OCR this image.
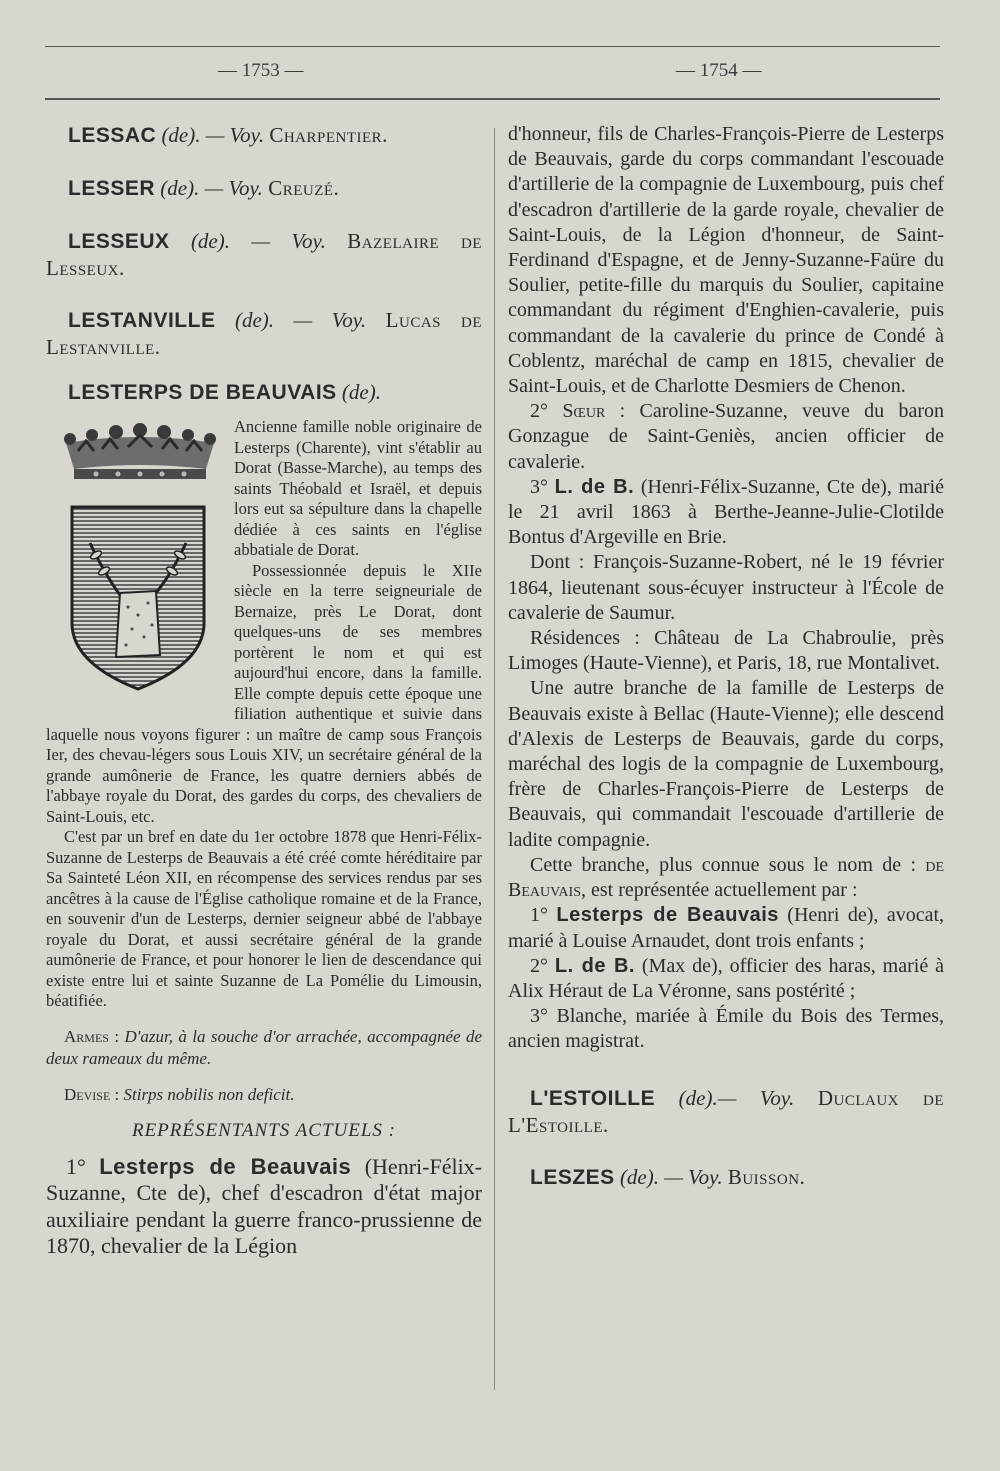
— 1753 —	— 1754 —
LESSAC (de). — Voy. Charpentier.
LESSER (de). — Voy. Creuzé.
LESSEUX (de). — Voy. Bazelaire de Lesseux.
LESTANVILLE (de). — Voy. Lucas de Lestanville.
LESTERPS DE BEAUVAIS (de).

Ancienne famille noble originaire de Lesterps (Charente), vint s'établir au Dorat (Basse-Marche), au temps des saints Théobald et Israël, et depuis lors eut sa sépulture dans la chapelle dédiée à ces saints en l'église abbatiale de Dorat.

Possessionnée depuis le XIIe siècle en la terre seigneuriale de Bernaize, près Le Dorat, dont quelques-uns de ses membres portèrent le nom et qui est aujourd'hui encore, dans la famille. Elle compte depuis cette époque une filiation authentique et suivie dans laquelle nous voyons figurer : un maître de camp sous François Ier, des chevau-légers sous Louis XIV, un secrétaire général de la grande aumônerie de France, les quatre derniers abbés de l'abbaye royale du Dorat, des gardes du corps, des chevaliers de Saint-Louis, etc.

C'est par un bref en date du 1er octobre 1878 que Henri-Félix-Suzanne de Lesterps de Beauvais a été créé comte héréditaire par Sa Sainteté Léon XII, en récompense des services rendus par ses ancêtres à la cause de l'Église catholique romaine et de la France, en souvenir d'un de Lesterps, dernier seigneur abbé de l'abbaye royale du Dorat, et aussi secrétaire général de la grande aumônerie de France, et pour honorer le lien de descendance qui existe entre lui et sainte Suzanne de La Pomélie du Limousin, béatifiée.

Armes : D'azur, à la souche d'or arrachée, accompagnée de deux rameaux du même.

Devise : Stirps nobilis non deficit.

REPRÉSENTANTS ACTUELS :

1° Lesterps de Beauvais (Henri-Félix-Suzanne, Cte de), chef d'escadron d'état major auxiliaire pendant la guerre franco-prussienne de 1870, chevalier de la Légion

d'honneur, fils de Charles-François-Pierre de Lesterps de Beauvais, garde du corps commandant l'escouade d'artillerie de la compagnie de Luxembourg, puis chef d'escadron d'artillerie de la garde royale, chevalier de Saint-Louis, de la Légion d'honneur, de Saint-Ferdinand d'Espagne, et de Jenny-Suzanne-Faüre du Soulier, petite-fille du marquis du Soulier, capitaine commandant du régiment d'Enghien-cavalerie, puis commandant de la cavalerie du prince de Condé à Coblentz, maréchal de camp en 1815, chevalier de Saint-Louis, et de Charlotte Desmiers de Chenon.

2° Sœur : Caroline-Suzanne, veuve du baron Gonzague de Saint-Geniès, ancien officier de cavalerie.

3° L. de B. (Henri-Félix-Suzanne, Cte de), marié le 21 avril 1863 à Berthe-Jeanne-Julie-Clotilde Bontus d'Argeville en Brie.

Dont : François-Suzanne-Robert, né le 19 février 1864, lieutenant sous-écuyer instructeur à l'École de cavalerie de Saumur.

Résidences : Château de La Chabroulie, près Limoges (Haute-Vienne), et Paris, 18, rue Montalivet.

Une autre branche de la famille de Lesterps de Beauvais existe à Bellac (Haute-Vienne); elle descend d'Alexis de Lesterps de Beauvais, garde du corps, maréchal des logis de la compagnie de Luxembourg, frère de Charles-François-Pierre de Lesterps de Beauvais, qui commandait l'escouade d'artillerie de ladite compagnie.

Cette branche, plus connue sous le nom de : de Beauvais, est représentée actuellement par :

1° Lesterps de Beauvais (Henri de), avocat, marié à Louise Arnaudet, dont trois enfants ;

2° L. de B. (Max de), officier des haras, marié à Alix Héraut de La Véronne, sans postérité ;

3° Blanche, mariée à Émile du Bois des Termes, ancien magistrat.

L'ESTOILLE (de).— Voy. Duclaux de L'Estoille.
LESZES (de). — Voy. Buisson.
